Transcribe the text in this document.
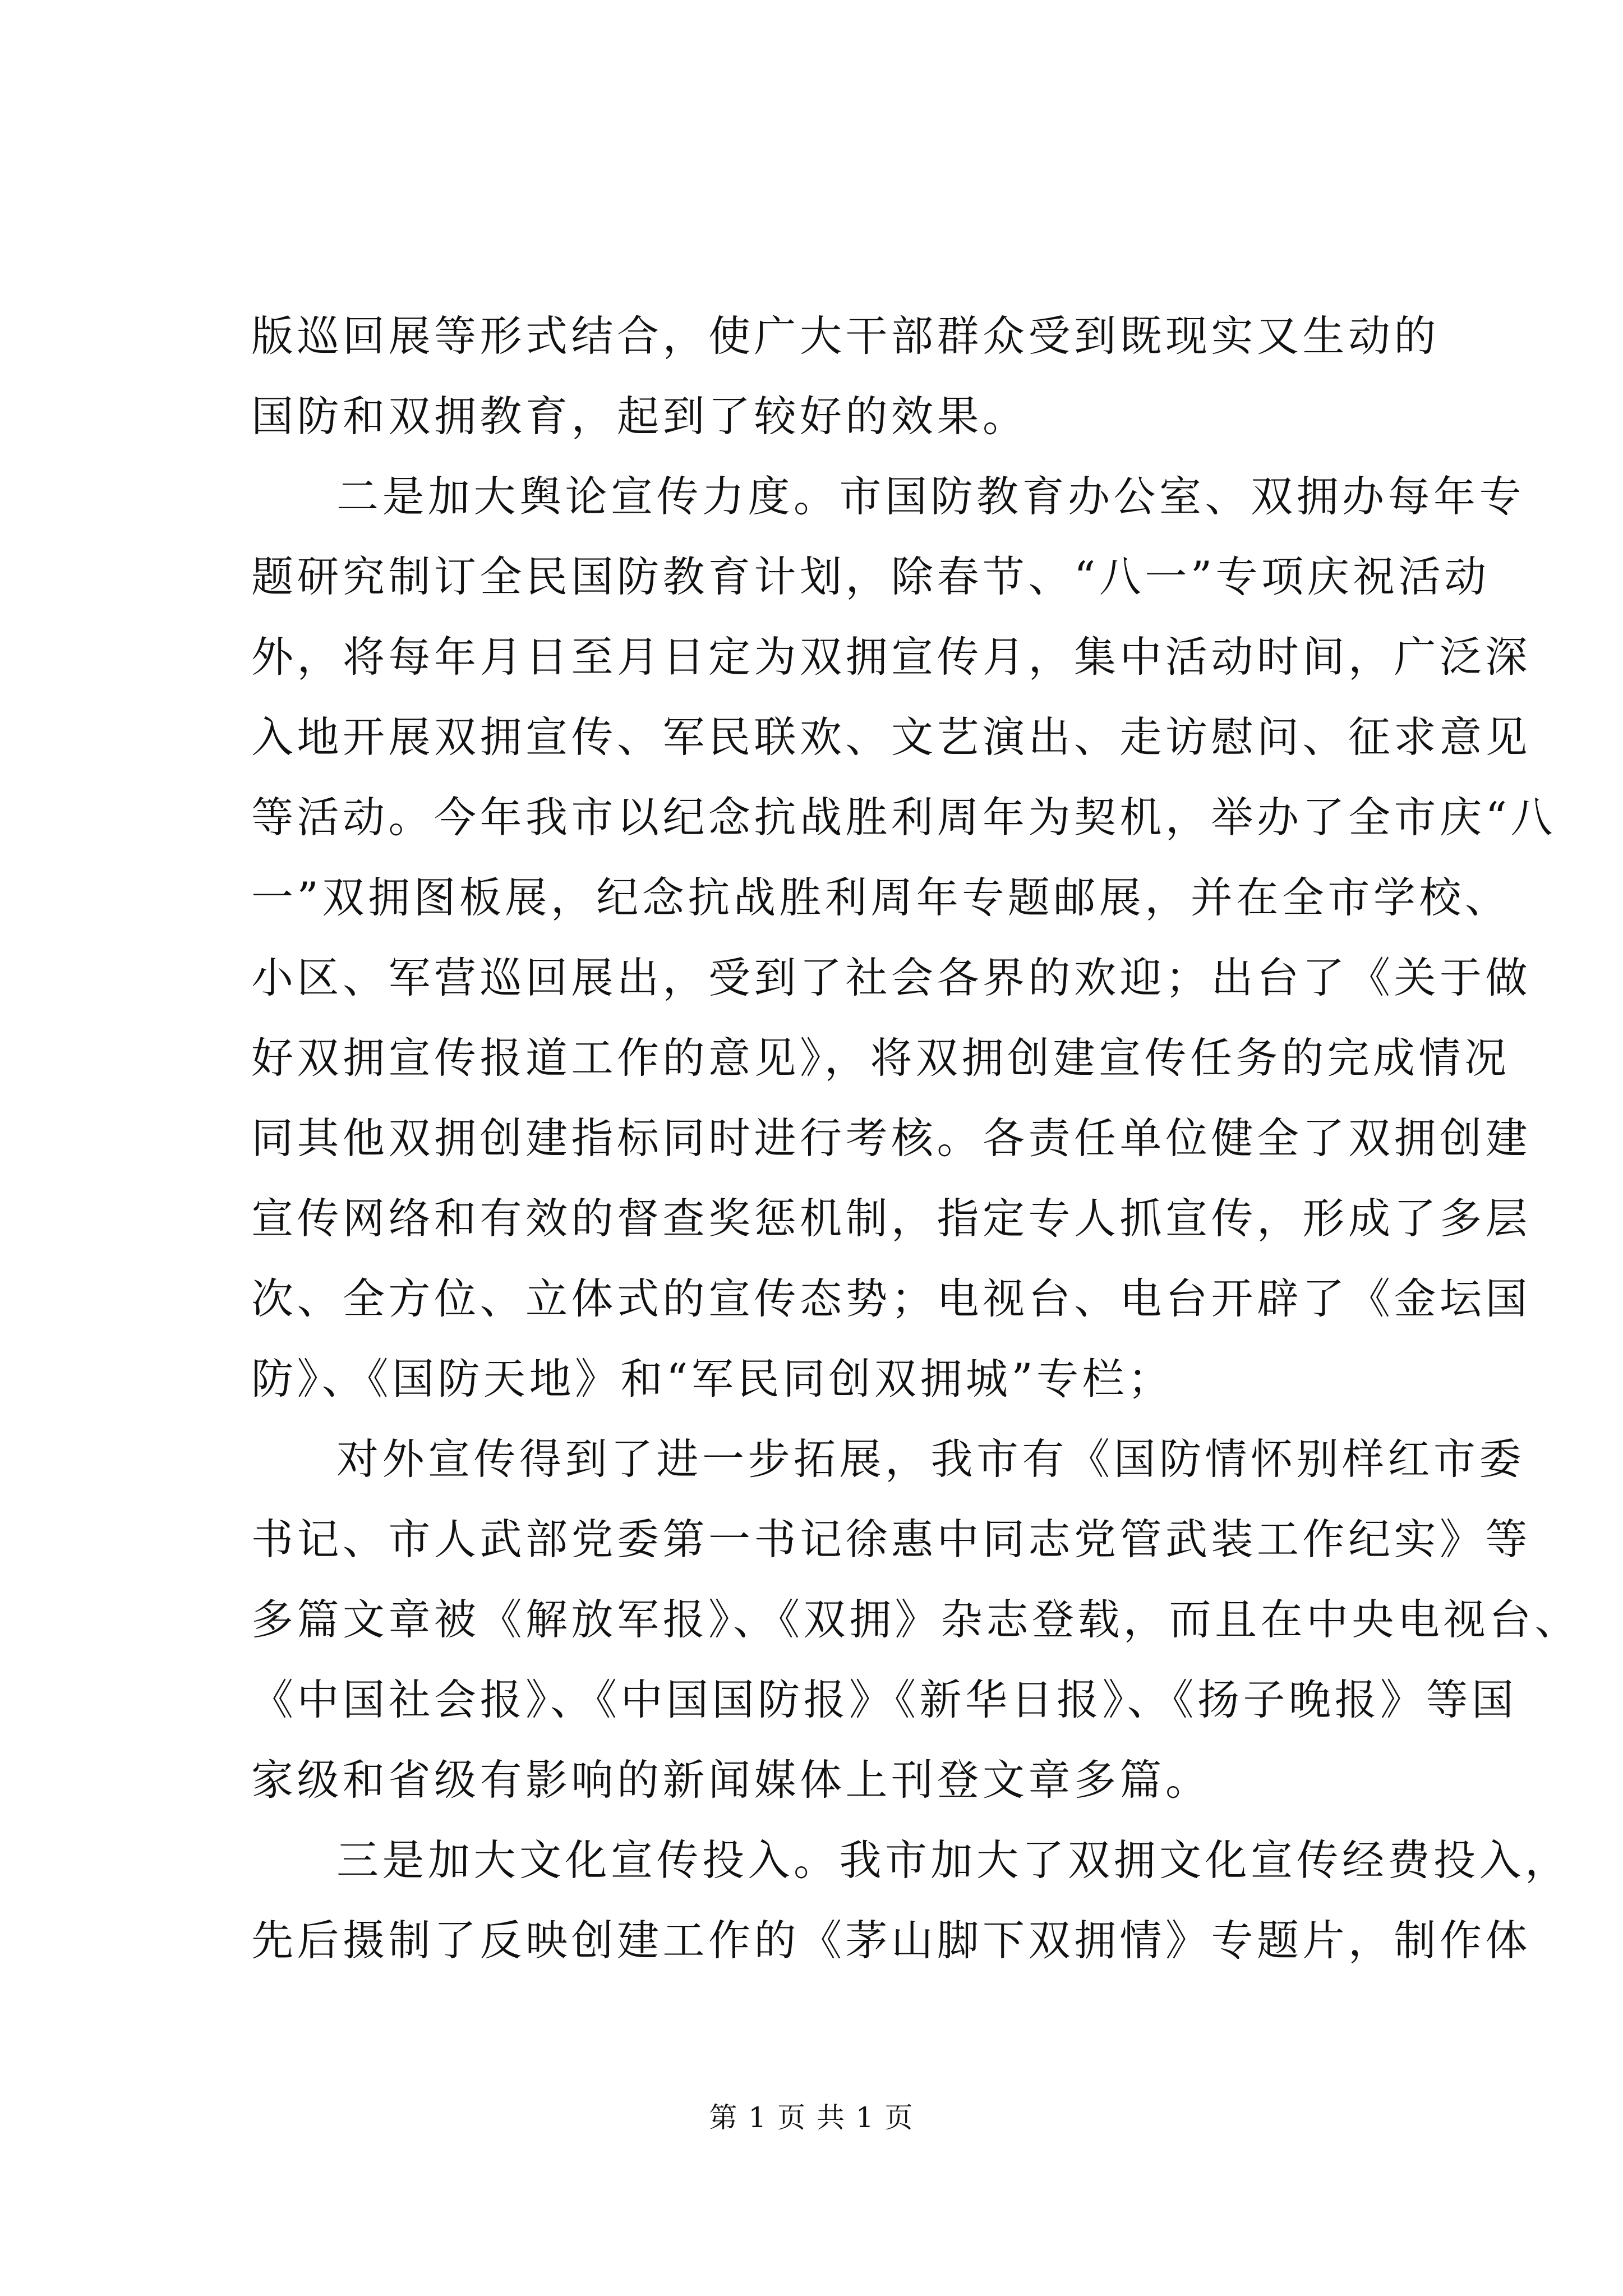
版巡回展等形式结合，使广大干部群众受到既现实又生动的
国防和双拥教育，起到了较好的效果。
二是加大舆论宣传力度。市国防教育办公室、双拥办每年专
题研究制订全民国防教育计划，除春节、“八一”专项庆祝活动
外，将每年月日至月日定为双拥宣传月，集中活动时间，广泛深
入地开展双拥宣传、军民联欢、文艺演出、走访慰问、征求意见
等活动。今年我市以纪念抗战胜利周年为契机，举办了全市庆“八
一”双拥图板展，纪念抗战胜利周年专题邮展，并在全市学校、
小区、军营巡回展出，受到了社会各界的欢迎；出台了《关于做
好双拥宣传报道工作的意见》，将双拥创建宣传任务的完成情况
同其他双拥创建指标同时进行考核。各责任单位健全了双拥创建
宣传网络和有效的督查奖惩机制，指定专人抓宣传，形成了多层
次、全方位、立体式的宣传态势；电视台、电台开辟了《金坛国
防》、《国防天地》和“军民同创双拥城”专栏；
对外宣传得到了进一步拓展，我市有《国防情怀别样红市委
书记、市人武部党委第一书记徐惠中同志党管武装工作纪实》等
多篇文章被《解放军报》、《双拥》杂志登载，而且在中央电视台、
《中国社会报》、《中国国防报》《新华日报》、《扬子晚报》等国
家级和省级有影响的新闻媒体上刊登文章多篇。
三是加大文化宣传投入。我市加大了双拥文化宣传经费投入，
先后摄制了反映创建工作的《茅山脚下双拥情》专题片，制作体
第 1 页 共 1 页
